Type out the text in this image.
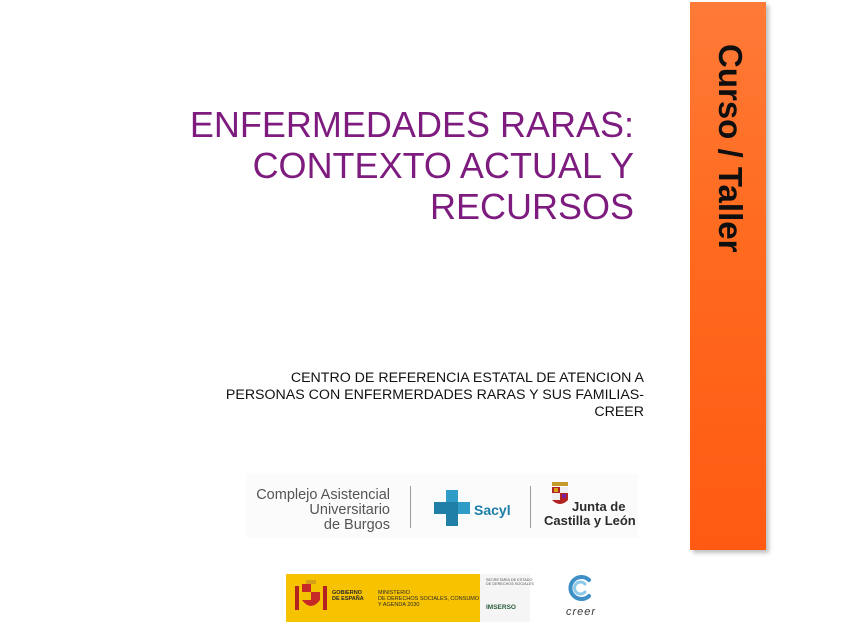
ENFERMEDADES RARAS:
CONTEXTO ACTUAL Y
RECURSOS
CENTRO DE REFERENCIA ESTATAL DE ATENCION A
PERSONAS CON ENFERMERDADES RARAS Y SUS FAMILIAS-
CREER
Curso / Taller
Complejo Asistencial
Universitario
de Burgos
Sacyl	Junta de
Castilla y León
GOBIERNO
DE ESPAÑA
MINISTERIO
DE DERECHOS SOCIALES, CONSUMO
Y AGENDA 2030
SECRETARÍA DE ESTADO
DE DERECHOS SOCIALES
IMSERSO	creer
